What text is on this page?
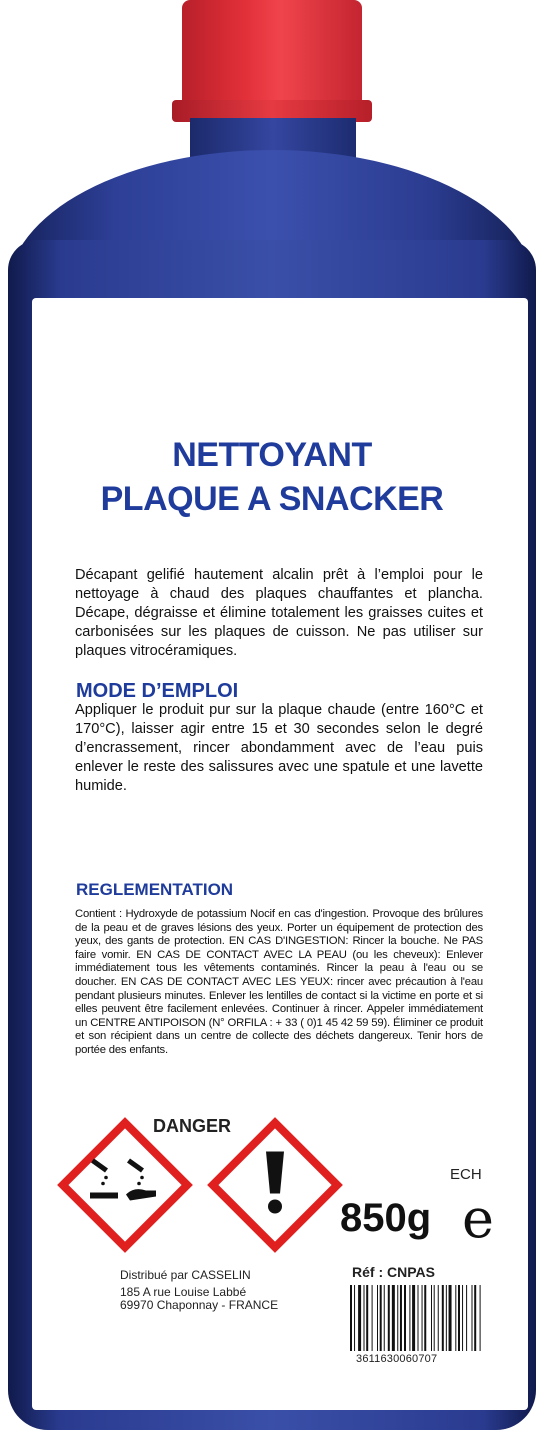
NETTOYANT
PLAQUE A SNACKER
Décapant gelifié hautement alcalin prêt à l’emploi pour le nettoyage à chaud des plaques chauffantes et plancha. Décape, dégraisse et élimine totalement les graisses cuites et carbonisées sur les plaques de cuisson. Ne pas utiliser sur plaques vitrocéramiques.
MODE D’EMPLOI
Appliquer le produit pur sur la plaque chaude (entre 160°C et 170°C), laisser agir entre 15 et 30 secondes selon le degré d’encrassement, rincer abondamment avec de l’eau puis enlever le reste des salissures avec une spatule et une lavette humide.
REGLEMENTATION
Contient : Hydroxyde de potassium Nocif en cas d'ingestion. Provoque des brûlures de la peau et de graves lésions des yeux. Porter un équipement de protection des yeux, des gants de protection. EN CAS D'INGESTION: Rincer la bouche. Ne PAS faire vomir. EN CAS DE CONTACT AVEC LA PEAU (ou les cheveux): Enlever immédiatement tous les vêtements contaminés. Rincer la peau à l'eau ou se doucher. EN CAS DE CONTACT AVEC LES YEUX: rincer avec précaution à l'eau pendant plusieurs minutes. Enlever les lentilles de contact si la victime en porte et si elles peuvent être facilement enlevées. Continuer à rincer. Appeler immédiatement un CENTRE ANTIPOISON (N° ORFILA : + 33 ( 0)1 45 42 59 59). Éliminer ce produit et son récipient dans un centre de collecte des déchets dangereux. Tenir hors de portée des enfants.
DANGER
ECH
850g e
Distribué par CASSELIN
185 A rue Louise Labbé
69970 Chaponnay - FRANCE
Réf : CNPAS
3611630060707
